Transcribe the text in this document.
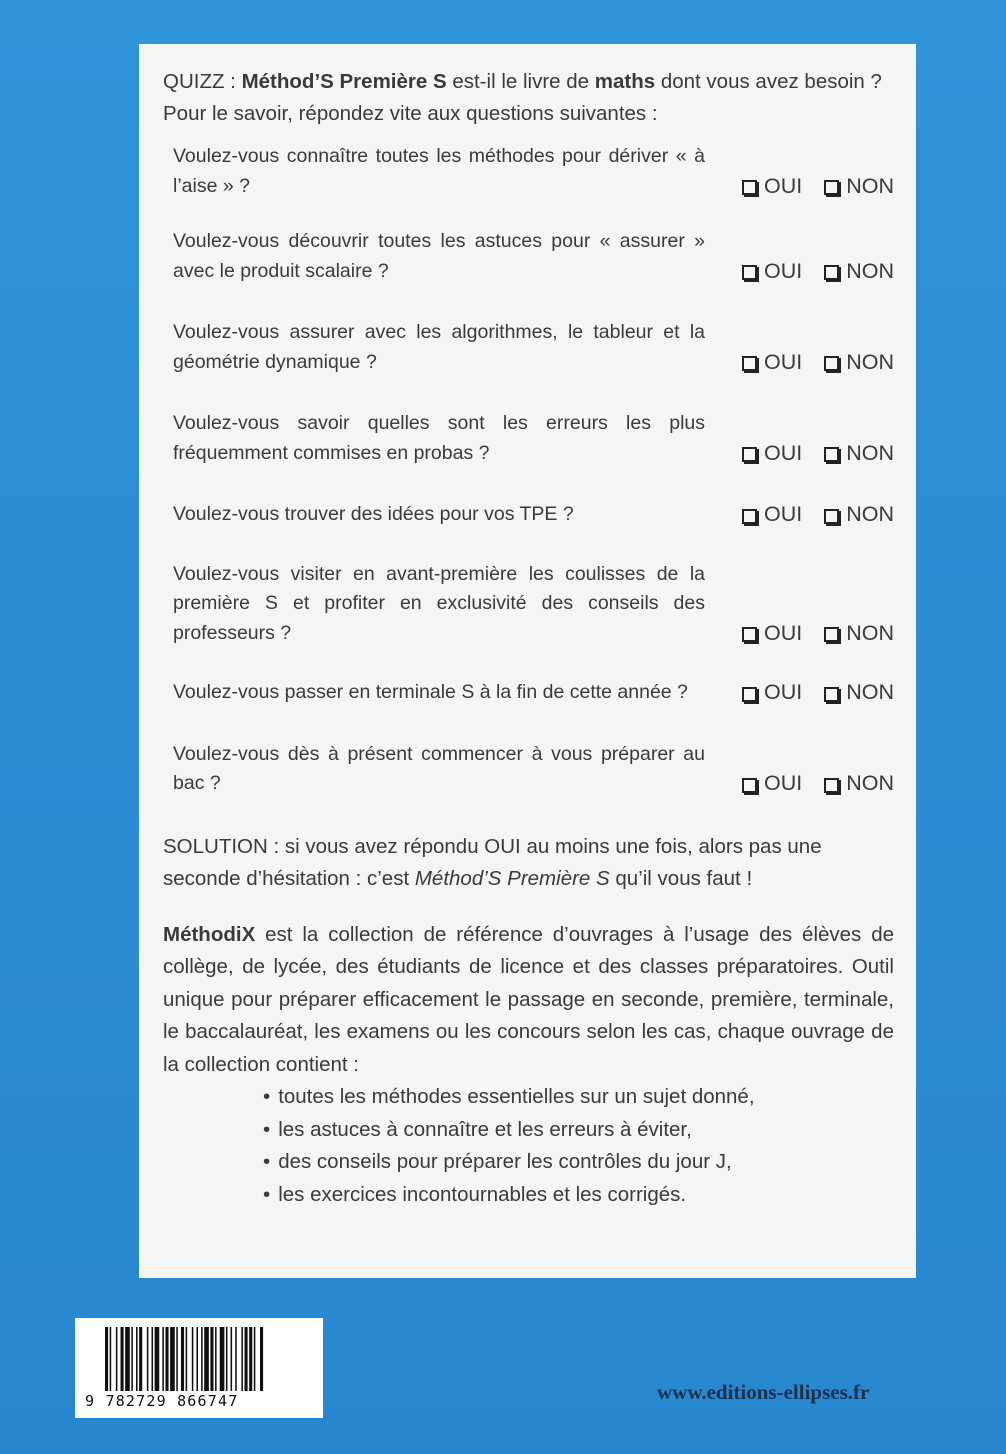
QUIZZ : Méthod’S Première S est-il le livre de maths dont vous avez besoin ? Pour le savoir, répondez vite aux questions suivantes :

Voulez-vous connaître toutes les méthodes pour dériver « à l’aise » ?	OUI NON
Voulez-vous découvrir toutes les astuces pour « assurer » avec le produit scalaire ?	OUI NON
Voulez-vous assurer avec les algorithmes, le tableur et la géométrie dynamique ?	OUI NON
Voulez-vous savoir quelles sont les erreurs les plus fréquemment commises en probas ?	OUI NON
Voulez-vous trouver des idées pour vos TPE ?	OUI NON
Voulez-vous visiter en avant-première les coulisses de la première S et profiter en exclusivité des conseils des professeurs ?	OUI NON
Voulez-vous passer en terminale S à la fin de cette année ?	OUI NON
Voulez-vous dès à présent commencer à vous préparer au bac ?	OUI NON

SOLUTION : si vous avez répondu OUI au moins une fois, alors pas une seconde d’hésitation : c’est Méthod’S Première S qu’il vous faut !

MéthodiX est la collection de référence d’ouvrages à l’usage des élèves de collège, de lycée, des étudiants de licence et des classes préparatoires. Outil unique pour préparer efficacement le passage en seconde, première, terminale, le baccalauréat, les examens ou les concours selon les cas, chaque ouvrage de la collection contient :

• toutes les méthodes essentielles sur un sujet donné,
• les astuces à connaître et les erreurs à éviter,
• des conseils pour préparer les contrôles du jour J,
• les exercices incontournables et les corrigés.
9 782729 866747	www.editions-ellipses.fr
